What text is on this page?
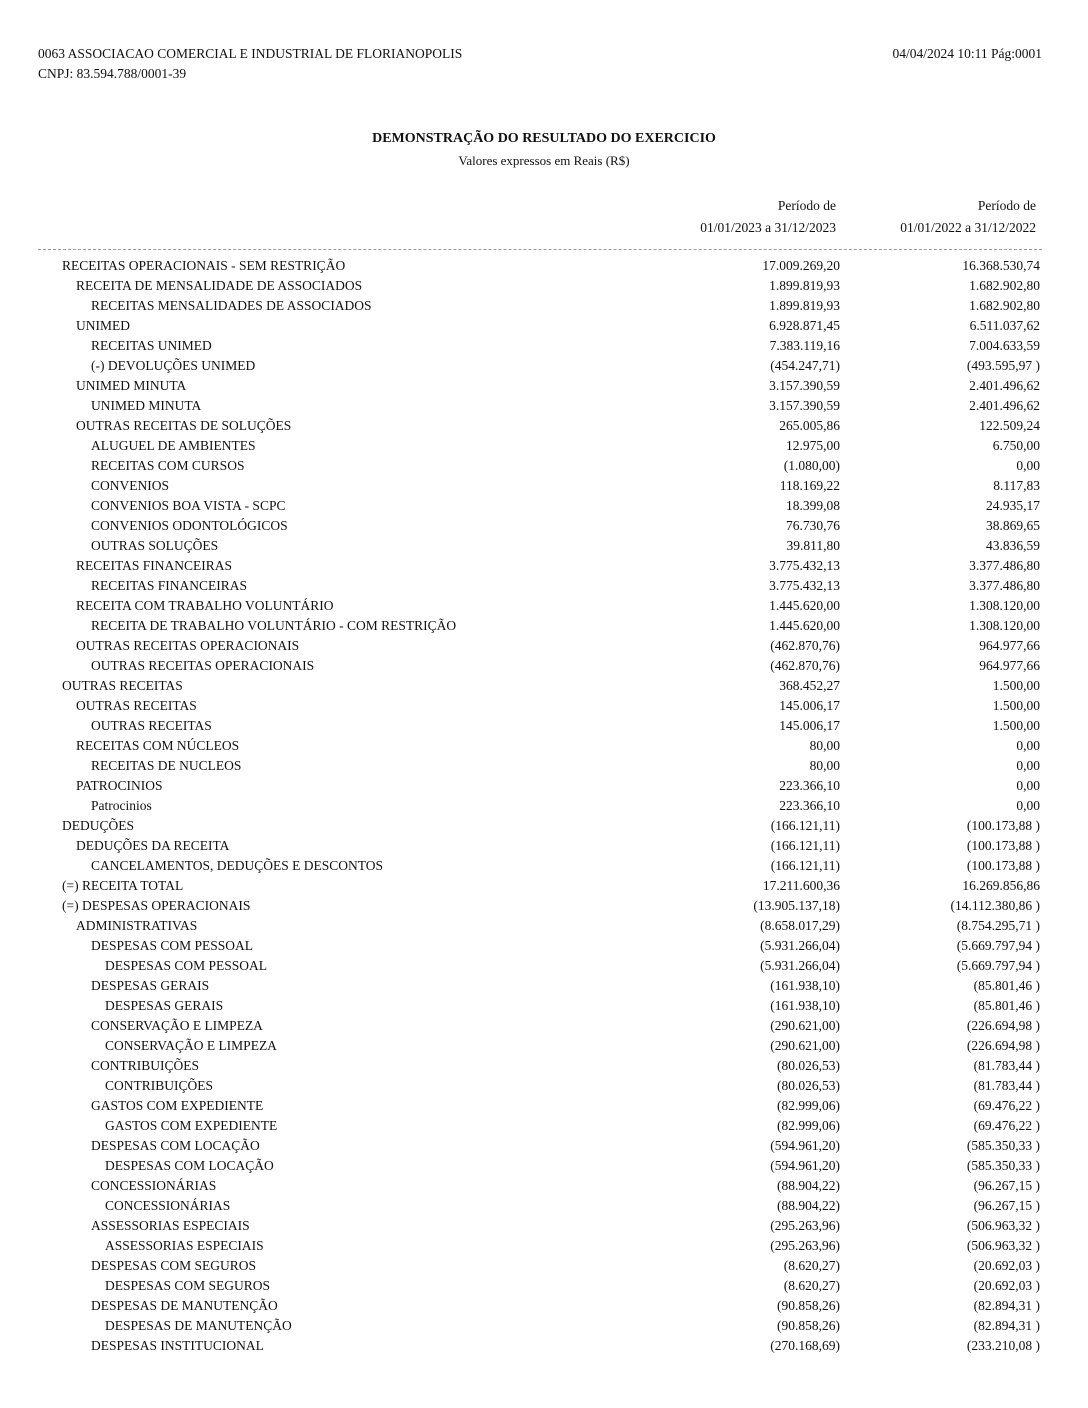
0063 ASSOCIACAO COMERCIAL E INDUSTRIAL DE FLORIANOPOLIS
CNPJ: 83.594.788/0001-39
04/04/2024 10:11 Pág:0001
DEMONSTRAÇÃO DO RESULTADO DO EXERCICIO
Valores expressos em Reais (R$)
Período de
01/01/2023 a 31/12/2023
Período de
01/01/2022 a 31/12/2022
RECEITAS OPERACIONAIS - SEM RESTRIÇÃO	17.009.269,20	16.368.530,74
RECEITA DE MENSALIDADE DE ASSOCIADOS	1.899.819,93	1.682.902,80
RECEITAS MENSALIDADES DE ASSOCIADOS	1.899.819,93	1.682.902,80
UNIMED	6.928.871,45	6.511.037,62
RECEITAS UNIMED	7.383.119,16	7.004.633,59
(-) DEVOLUÇÕES UNIMED	(454.247,71)	(493.595,97 )
UNIMED MINUTA	3.157.390,59	2.401.496,62
UNIMED MINUTA	3.157.390,59	2.401.496,62
OUTRAS RECEITAS DE SOLUÇÕES	265.005,86	122.509,24
ALUGUEL DE AMBIENTES	12.975,00	6.750,00
RECEITAS COM CURSOS	(1.080,00)	0,00
CONVENIOS	118.169,22	8.117,83
CONVENIOS BOA VISTA - SCPC	18.399,08	24.935,17
CONVENIOS ODONTOLÓGICOS	76.730,76	38.869,65
OUTRAS SOLUÇÕES	39.811,80	43.836,59
RECEITAS FINANCEIRAS	3.775.432,13	3.377.486,80
RECEITAS FINANCEIRAS	3.775.432,13	3.377.486,80
RECEITA COM TRABALHO VOLUNTÁRIO	1.445.620,00	1.308.120,00
RECEITA DE TRABALHO VOLUNTÁRIO - COM RESTRIÇÃO	1.445.620,00	1.308.120,00
OUTRAS RECEITAS OPERACIONAIS	(462.870,76)	964.977,66
OUTRAS RECEITAS OPERACIONAIS	(462.870,76)	964.977,66
OUTRAS RECEITAS	368.452,27	1.500,00
OUTRAS RECEITAS	145.006,17	1.500,00
OUTRAS RECEITAS	145.006,17	1.500,00
RECEITAS COM NÚCLEOS	80,00	0,00
RECEITAS DE NUCLEOS	80,00	0,00
PATROCINIOS	223.366,10	0,00
Patrocinios	223.366,10	0,00
DEDUÇÕES	(166.121,11)	(100.173,88 )
DEDUÇÕES DA RECEITA	(166.121,11)	(100.173,88 )
CANCELAMENTOS, DEDUÇÕES E DESCONTOS	(166.121,11)	(100.173,88 )
(=) RECEITA TOTAL	17.211.600,36	16.269.856,86
(=) DESPESAS OPERACIONAIS	(13.905.137,18)	(14.112.380,86 )
ADMINISTRATIVAS	(8.658.017,29)	(8.754.295,71 )
DESPESAS COM PESSOAL	(5.931.266,04)	(5.669.797,94 )
DESPESAS COM PESSOAL	(5.931.266,04)	(5.669.797,94 )
DESPESAS GERAIS	(161.938,10)	(85.801,46 )
DESPESAS GERAIS	(161.938,10)	(85.801,46 )
CONSERVAÇÃO E LIMPEZA	(290.621,00)	(226.694,98 )
CONSERVAÇÃO E LIMPEZA	(290.621,00)	(226.694,98 )
CONTRIBUIÇÕES	(80.026,53)	(81.783,44 )
CONTRIBUIÇÕES	(80.026,53)	(81.783,44 )
GASTOS COM EXPEDIENTE	(82.999,06)	(69.476,22 )
GASTOS COM EXPEDIENTE	(82.999,06)	(69.476,22 )
DESPESAS COM LOCAÇÃO	(594.961,20)	(585.350,33 )
DESPESAS COM LOCAÇÃO	(594.961,20)	(585.350,33 )
CONCESSIONÁRIAS	(88.904,22)	(96.267,15 )
CONCESSIONÁRIAS	(88.904,22)	(96.267,15 )
ASSESSORIAS ESPECIAIS	(295.263,96)	(506.963,32 )
ASSESSORIAS ESPECIAIS	(295.263,96)	(506.963,32 )
DESPESAS COM SEGUROS	(8.620,27)	(20.692,03 )
DESPESAS COM SEGUROS	(8.620,27)	(20.692,03 )
DESPESAS DE MANUTENÇÃO	(90.858,26)	(82.894,31 )
DESPESAS DE MANUTENÇÃO	(90.858,26)	(82.894,31 )
DESPESAS INSTITUCIONAL	(270.168,69)	(233.210,08 )
